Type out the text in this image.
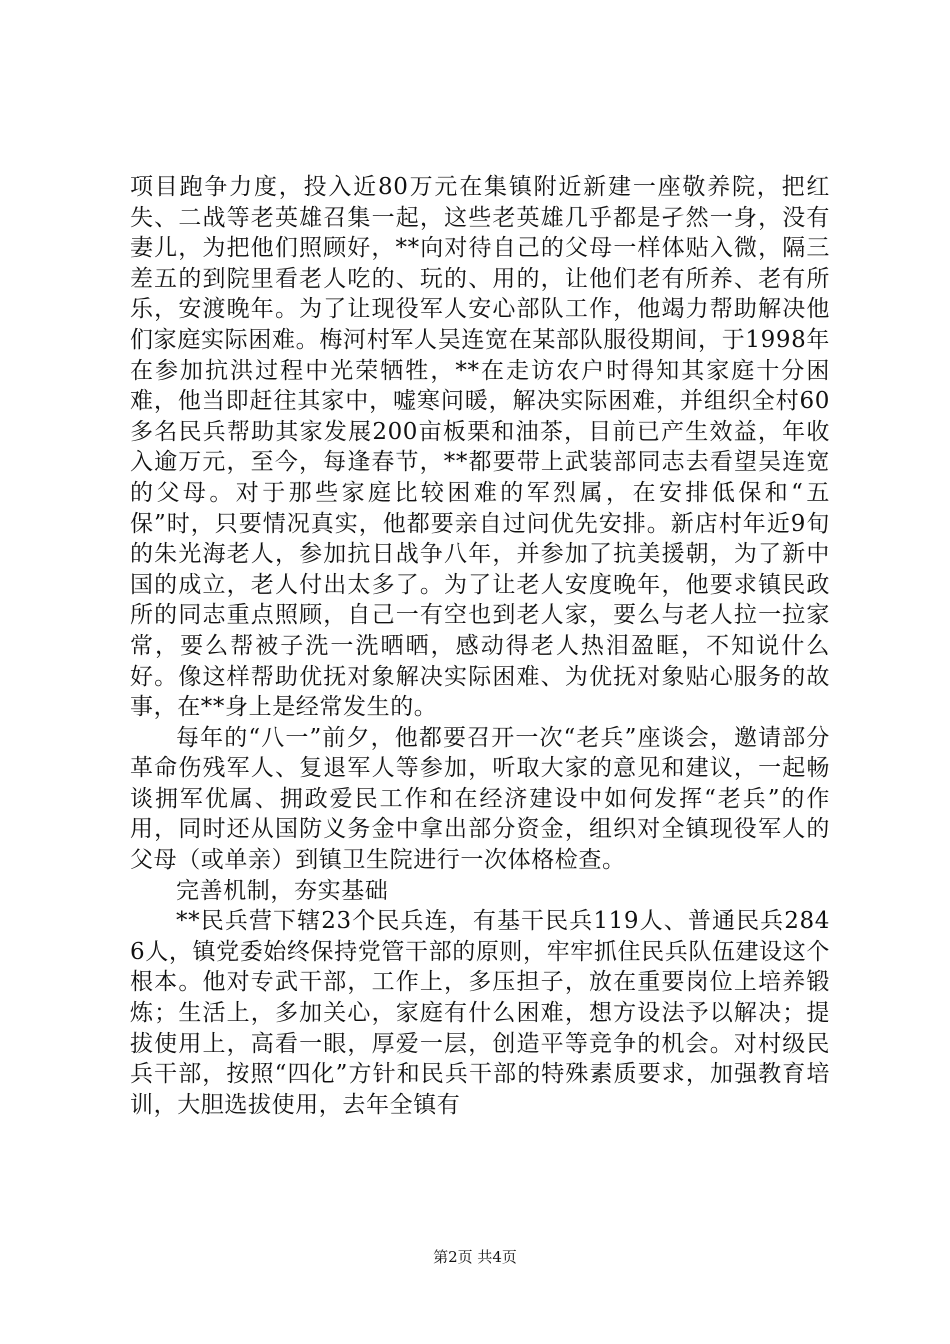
项目跑争力度，投入近80万元在集镇附近新建一座敬养院，把红失、二战等老英雄召集一起，这些老英雄几乎都是孑然一身，没有妻儿，为把他们照顾好，**向对待自己的父母一样体贴入微，隔三差五的到院里看老人吃的、玩的、用的，让他们老有所养、老有所乐，安渡晚年。为了让现役军人安心部队工作，他竭力帮助解决他们家庭实际困难。梅河村军人吴连宽在某部队服役期间，于1998年在参加抗洪过程中光荣牺牲，**在走访农户时得知其家庭十分困难，他当即赶往其家中，嘘寒问暖，解决实际困难，并组织全村60多名民兵帮助其家发展200亩板栗和油茶，目前已产生效益，年收入逾万元，至今，每逢春节，**都要带上武装部同志去看望吴连宽的父母。对于那些家庭比较困难的军烈属，在安排低保和“五保”时，只要情况真实，他都要亲自过问优先安排。新店村年近9旬的朱光海老人，参加抗日战争八年，并参加了抗美援朝，为了新中国的成立，老人付出太多了。为了让老人安度晚年，他要求镇民政所的同志重点照顾，自己一有空也到老人家，要么与老人拉一拉家常，要么帮被子洗一洗晒晒，感动得老人热泪盈眶，不知说什么好。像这样帮助优抚对象解决实际困难、为优抚对象贴心服务的故事，在**身上是经常发生的。

每年的“八一”前夕，他都要召开一次“老兵”座谈会，邀请部分革命伤残军人、复退军人等参加，听取大家的意见和建议，一起畅谈拥军优属、拥政爱民工作和在经济建设中如何发挥“老兵”的作用，同时还从国防义务金中拿出部分资金，组织对全镇现役军人的父母（或单亲）到镇卫生院进行一次体格检查。

完善机制，夯实基础

**民兵营下辖23个民兵连，有基干民兵119人、普通民兵2846人，镇党委始终保持党管干部的原则，牢牢抓住民兵队伍建设这个根本。他对专武干部，工作上，多压担子，放在重要岗位上培养锻炼；生活上，多加关心，家庭有什么困难，想方设法予以解决；提拔使用上，高看一眼，厚爱一层，创造平等竞争的机会。对村级民兵干部，按照“四化”方针和民兵干部的特殊素质要求，加强教育培训，大胆选拔使用，去年全镇有

第2页 共4页
